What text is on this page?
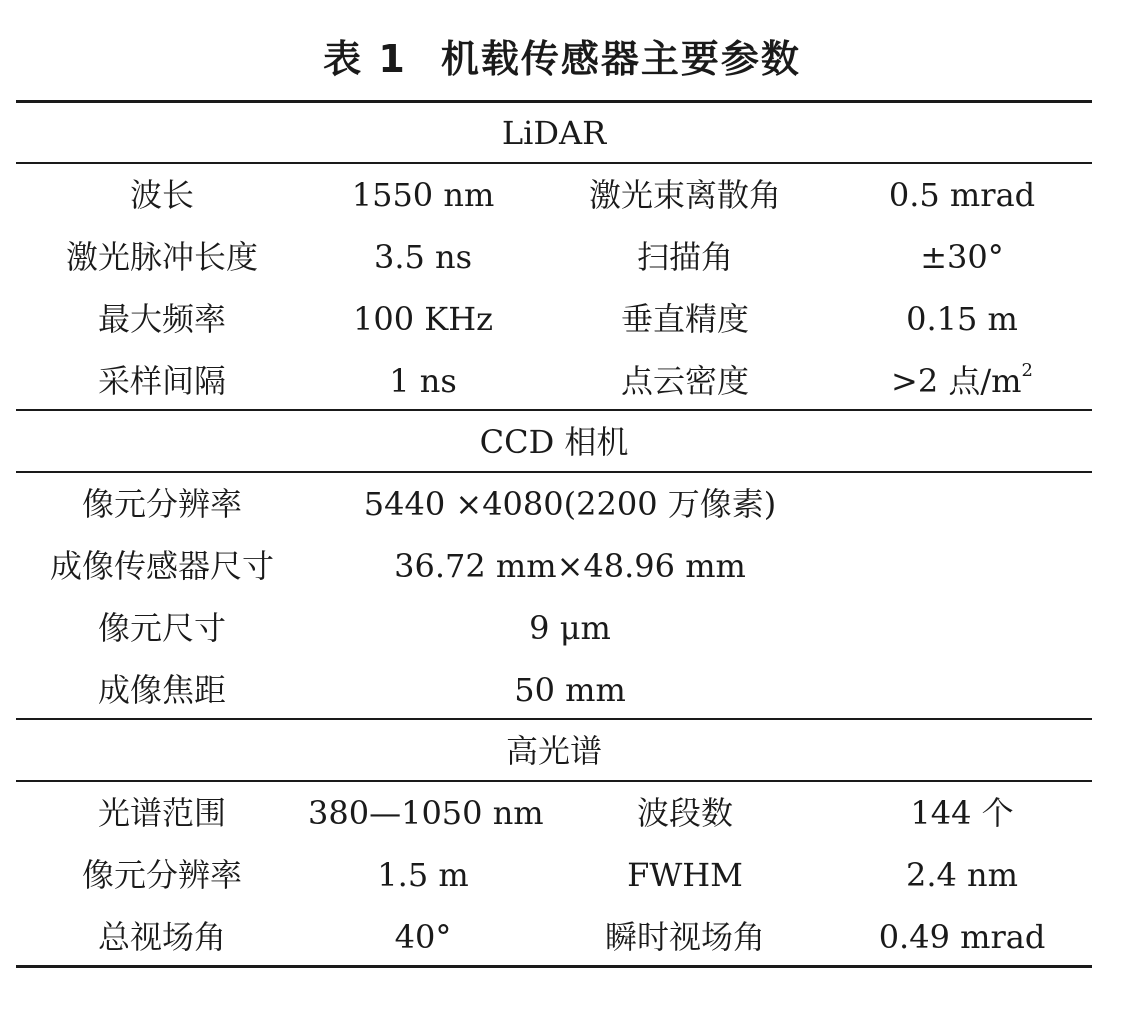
表 1 机载传感器主要参数
LiDAR
波长	1550 nm	激光束离散角	0.5 mrad
激光脉冲长度	3.5 ns	扫描角	±30°
最大频率	100 KHz	垂直精度	0.15 m
采样间隔	1 ns	点云密度	>2 点$/m^2$
CCD 相机
像元分辨率	5440 ×4080(2200 万像素)
成像传感器尺寸	36.72 mm×48.96 mm
像元尺寸	9 μm
成像焦距	50 mm
高光谱
光谱范围	380—1050 nm	波段数	144 个
像元分辨率	1.5 m	FWHM	2.4 nm
总视场角	40°	瞬时视场角	0.49 mrad
